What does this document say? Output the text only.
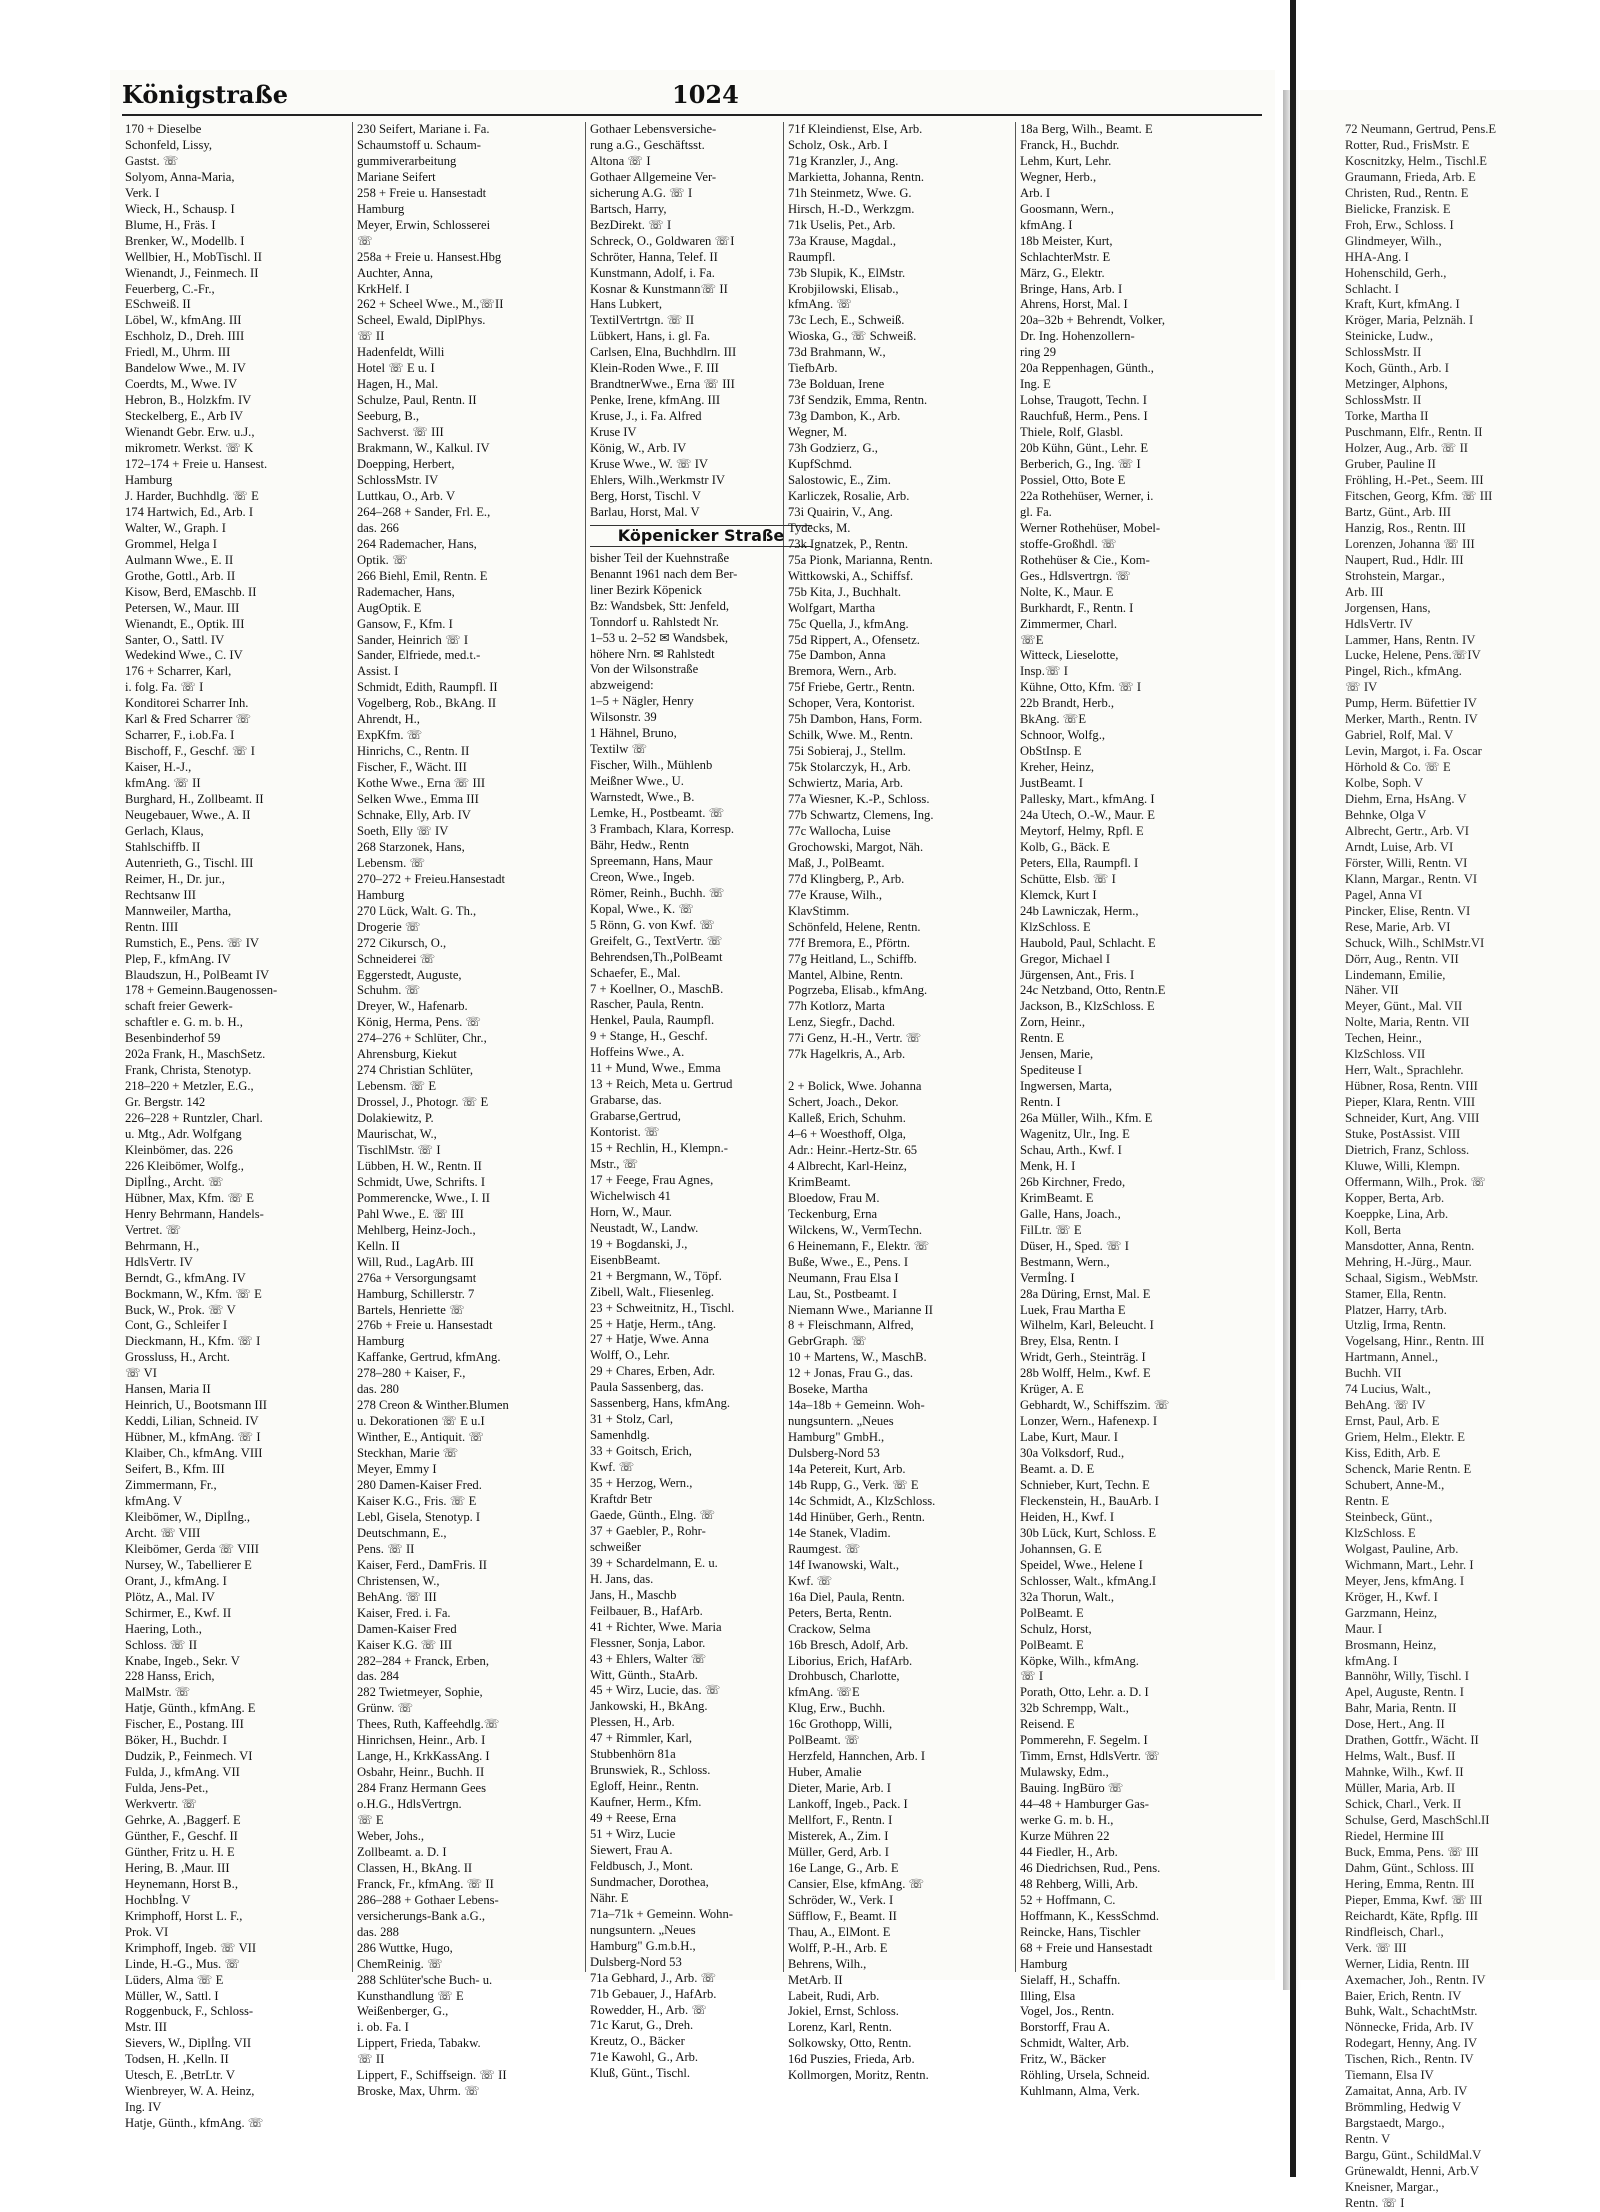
Königstraße	1024
170 + Dieselbe
Schonfeld, Lissy,
Gastst. ☏
Solyom, Anna-Maria,
Verk. I
Wieck, H., Schausp. I
Blume, H., Fräs. I
Brenker, W., Modellb. I
Wellbier, H., MobTischl. II
Wienandt, J., Feinmech. II
Feuerberg, C.-Fr.,
ESchweiß. II
Löbel, W., kfmAng. III
Eschholz, D., Dreh. IIII
Friedl, M., Uhrm. III
Bandelow Wwe., M. IV
Coerdts, M., Wwe. IV
Hebron, B., Holzkfm. IV
Steckelberg, E., Arb IV
Wienandt Gebr. Erw. u.J.,
mikrometr. Werkst. ☏ K
172–174 + Freie u. Hansest.
Hamburg
J. Harder, Buchhdlg. ☏ E
174 Hartwich, Ed., Arb. I
Walter, W., Graph. I
Grommel, Helga I
Aulmann Wwe., E. II
Grothe, Gottl., Arb. II
Kisow, Berd, EMaschb. II
Petersen, W., Maur. III
Wienandt, E., Optik. III
Santer, O., Sattl. IV
Wedekind Wwe., C. IV
176 + Scharrer, Karl,
i. folg. Fa. ☏ I
Konditorei Scharrer Inh.
Karl & Fred Scharrer ☏
Scharrer, F., i.ob.Fa. I
Bischoff, F., Geschf. ☏ I
Kaiser, H.-J.,
kfmAng. ☏ II
Burghard, H., Zollbeamt. II
Neugebauer, Wwe., A. II
Gerlach, Klaus,
Stahlschiffb. II
Autenrieth, G., Tischl. III
Reimer, H., Dr. jur.,
Rechtsanw III
Mannweiler, Martha,
Rentn. IIII
Rumstich, E., Pens. ☏ IV
Plep, F., kfmAng. IV
Blaudszun, H., PolBeamt IV
178 + Gemeinn.Baugenossen-
schaft freier Gewerk-
schaftler e. G. m. b. H.,
Besenbinderhof 59
202a Frank, H., MaschSetz.
Frank, Christa, Stenotyp.
218–220 + Metzler, E.G.,
Gr. Bergstr. 142
226–228 + Runtzler, Charl.
u. Mtg., Adr. Wolfgang
Kleinbömer, das. 226
226 Kleibömer, Wolfg.,
Diplİng., Archt. ☏
Hübner, Max, Kfm. ☏ E
Henry Behrmann, Handels-
Vertret. ☏
Behrmann, H.,
HdlsVertr. IV
Berndt, G., kfmAng. IV
Bockmann, W., Kfm. ☏ E
Buck, W., Prok. ☏ V
Cont, G., Schleifer I
Dieckmann, H., Kfm. ☏ I
Grossluss, H., Archt.
☏ VI
Hansen, Maria II
Heinrich, U., Bootsmann III
Keddi, Lilian, Schneid. IV
Hübner, M., kfmAng. ☏ I
Klaiber, Ch., kfmAng. VIII
Seifert, B., Kfm. III
Zimmermann, Fr.,
kfmAng. V
Kleibömer, W., Diplİng.,
Archt. ☏ VIII
Kleibömer, Gerda ☏ VIII
Nursey, W., Tabellierer E
Orant, J., kfmAng. I
Plötz, A., Mal. IV
Schirmer, E., Kwf. II
Haering, Loth.,
Schloss. ☏ II
Knabe, Ingeb., Sekr. V
228 Hanss, Erich,
MalMstr. ☏
Hatje, Günth., kfmAng. E
Fischer, E., Postang. III
Böker, H., Buchdr. I
Dudzik, P., Feinmech. VI
Fulda, J., kfmAng. VII
Fulda, Jens-Pet.,
Werkvertr. ☏
Gehrke, A. ,Baggerf. E
Günther, F., Geschf. II
Günther, Fritz u. H. E
Hering, B. ,Maur. III
Heynemann, Horst B.,
Hochbİng. V
Krimphoff, Horst L. F.,
Prok. VI
Krimphoff, Ingeb. ☏ VII
Linde, H.-G., Mus. ☏
Lüders, Alma ☏ E
Müller, W., Sattl. I
Roggenbuck, F., Schloss-
Mstr. III
Sievers, W., Diplİng. VII
Todsen, H. ,Kelln. II
Utesch, E. ,BetrLtr. V
Wienbreyer, W. A. Heinz,
Ing. IV
Hatje, Günth., kfmAng. ☏
230 Seifert, Mariane i. Fa.
Schaumstoff u. Schaum-
gummiverarbeitung
Mariane Seifert
258 + Freie u. Hansestadt
Hamburg
Meyer, Erwin, Schlosserei
☏
258a + Freie u. Hansest.Hbg
Auchter, Anna,
KrkHelf. I
262 + Scheel Wwe., M.,☏II
Scheel, Ewald, DiplPhys.
☏ II
Hadenfeldt, Willi
Hotel ☏ E u. I
Hagen, H., Mal.
Schulze, Paul, Rentn. II
Seeburg, B.,
Sachverst. ☏ III
Brakmann, W., Kalkul. IV
Doepping, Herbert,
SchlossMstr. IV
Luttkau, O., Arb. V
264–268 + Sander, Frl. E.,
das. 266
264 Rademacher, Hans,
Optik. ☏
266 Biehl, Emil, Rentn. E
Rademacher, Hans,
AugOptik. E
Gansow, F., Kfm. I
Sander, Heinrich ☏ I
Sander, Elfriede, med.t.-
Assist. I
Schmidt, Edith, Raumpfl. II
Vogelberg, Rob., BkAng. II
Ahrendt, H.,
ExpKfm. ☏
Hinrichs, C., Rentn. II
Fischer, F., Wächt. III
Kothe Wwe., Erna ☏ III
Selken Wwe., Emma III
Schnake, Elly, Arb. IV
Soeth, Elly ☏ IV
268 Starzonek, Hans,
Lebensm. ☏
270–272 + Freieu.Hansestadt
Hamburg
270 Lück, Walt. G. Th.,
Drogerie ☏
272 Cikursch, O.,
Schneiderei ☏
Eggerstedt, Auguste,
Schuhm. ☏
Dreyer, W., Hafenarb.
König, Herma, Pens. ☏
274–276 + Schlüter, Chr.,
Ahrensburg, Kiekut
274 Christian Schlüter,
Lebensm. ☏ E
Drossel, J., Photogr. ☏ E
Dolakiewitz, P.
Maurischat, W.,
TischlMstr. ☏ I
Lübben, H. W., Rentn. II
Schmidt, Uwe, Schrifts. I
Pommerencke, Wwe., I. II
Pahl Wwe., E. ☏ III
Mehlberg, Heinz-Joch.,
Kelln. II
Will, Rud., LagArb. III
276a + Versorgungsamt
Hamburg, Schillerstr. 7
Bartels, Henriette ☏
276b + Freie u. Hansestadt
Hamburg
Kaffanke, Gertrud, kfmAng.
278–280 + Kaiser, F.,
das. 280
278 Creon & Winther.Blumen
u. Dekorationen ☏ E u.I
Winther, E., Antiquit. ☏
Steckhan, Marie ☏
Meyer, Emmy I
280 Damen-Kaiser Fred.
Kaiser K.G., Fris. ☏ E
Lebl, Gisela, Stenotyp. I
Deutschmann, E.,
Pens. ☏ II
Kaiser, Ferd., DamFris. II
Christensen, W.,
BehAng. ☏ III
Kaiser, Fred. i. Fa.
Damen-Kaiser Fred
Kaiser K.G. ☏ III
282–284 + Franck, Erben,
das. 284
282 Twietmeyer, Sophie,
Grünw. ☏
Thees, Ruth, Kaffeehdlg.☏
Hinrichsen, Heinr., Arb. I
Lange, H., KrkKassAng. I
Osbahr, Heinr., Buchh. II
284 Franz Hermann Gees
o.H.G., HdlsVertrgn.
☏ E
Weber, Johs.,
Zollbeamt. a. D. I
Classen, H., BkAng. II
Franck, Fr., kfmAng. ☏ II
286–288 + Gothaer Lebens-
versicherungs-Bank a.G.,
das. 288
286 Wuttke, Hugo,
ChemReinig. ☏
288 Schlüter'sche Buch- u.
Kunsthandlung ☏ E
Weißenberger, G.,
i. ob. Fa. I
Lippert, Frieda, Tabakw.
☏ II
Lippert, F., Schiffseign. ☏ II
Broske, Max, Uhrm. ☏
Gothaer Lebensversiche-
rung a.G., Geschäftsst.
Altona ☏ I
Gothaer Allgemeine Ver-
sicherung A.G. ☏ I
Bartsch, Harry,
BezDirekt. ☏ I
Schreck, O., Goldwaren ☏I
Schröter, Hanna, Telef. II
Kunstmann, Adolf, i. Fa.
Kosnar & Kunstmann☏ II
Hans Lubkert,
TextilVertrtgn. ☏ II
Lübkert, Hans, i. gl. Fa.
Carlsen, Elna, Buchhdlrn. III
Klein-Roden Wwe., F. III
BrandtnerWwe., Erna ☏ III
Penke, Irene, kfmAng. III
Kruse, J., i. Fa. Alfred
Kruse IV
König, W., Arb. IV
Kruse Wwe., W. ☏ IV
Ehlers, Wilh.,Werkmstr IV
Berg, Horst, Tischl. V
Barlau, Horst, Mal. V
Köpenicker Straße
bisher Teil der Kuehnstraße
Benannt 1961 nach dem Ber-
liner Bezirk Köpenick
Bz: Wandsbek, Stt: Jenfeld,
Tonndorf u. Rahlstedt Nr.
1–53 u. 2–52 ✉ Wandsbek,
höhere Nrn. ✉ Rahlstedt
Von der Wilsonstraße
abzweigend:
1–5 + Nägler, Henry
Wilsonstr. 39
1 Hähnel, Bruno,
Textilw ☏
Fischer, Wilh., Mühlenb
Meißner Wwe., U.
Warnstedt, Wwe., B.
Lemke, H., Postbeamt. ☏
3 Frambach, Klara, Korresp.
Bähr, Hedw., Rentn
Spreemann, Hans, Maur
Creon, Wwe., Ingeb.
Römer, Reinh., Buchh. ☏
Kopal, Wwe., K. ☏
5 Rönn, G. von Kwf. ☏
Greifelt, G., TextVertr. ☏
Behrendsen,Th.,PolBeamt
Schaefer, E., Mal.
7 + Koellner, O., MaschB.
Rascher, Paula, Rentn.
Henkel, Paula, Raumpfl.
9 + Stange, H., Geschf.
Hoffeins Wwe., A.
11 + Mund, Wwe., Emma
13 + Reich, Meta u. Gertrud
Grabarse, das.
Grabarse,Gertrud,
Kontorist. ☏
15 + Rechlin, H., Klempn.-
Mstr., ☏
17 + Feege, Frau Agnes,
Wichelwisch 41
Horn, W., Maur.
Neustadt, W., Landw.
19 + Bogdanski, J.,
EisenbBeamt.
21 + Bergmann, W., Töpf.
Zibell, Walt., Fliesenleg.
23 + Schweitnitz, H., Tischl.
25 + Hatje, Herm., tAng.
27 + Hatje, Wwe. Anna
Wolff, O., Lehr.
29 + Chares, Erben, Adr.
Paula Sassenberg, das.
Sassenberg, Hans, kfmAng.
31 + Stolz, Carl,
Samenhdlg.
33 + Goitsch, Erich,
Kwf. ☏
35 + Herzog, Wern.,
Kraftdr Betr
Gaede, Günth., Elng. ☏
37 + Gaebler, P., Rohr-
schweißer
39 + Schardelmann, E. u.
H. Jans, das.
Jans, H., Maschb
Feilbauer, B., HafArb.
41 + Richter, Wwe. Maria
Flessner, Sonja, Labor.
43 + Ehlers, Walter ☏
Witt, Günth., StaArb.
45 + Wirz, Lucie, das. ☏
Jankowski, H., BkAng.
Plessen, H., Arb.
47 + Rimmler, Karl,
Stubbenhörn 81a
Brunswiek, R., Schloss.
Egloff, Heinr., Rentn.
Kaufner, Herm., Kfm.
49 + Reese, Erna
51 + Wirz, Lucie
Siewert, Frau A.
Feldbusch, J., Mont.
Sundmacher, Dorothea,
Nähr. E
71a–71k + Gemeinn. Wohn-
nungsuntern. „Neues
Hamburg" G.m.b.H.,
Dulsberg-Nord 53
71a Gebhard, J., Arb. ☏
71b Gebauer, J., HafArb.
Rowedder, H., Arb. ☏
71c Karut, G., Dreh.
Kreutz, O., Bäcker
71e Kawohl, G., Arb.
Kluß, Günt., Tischl.
71f Kleindienst, Else, Arb.
Scholz, Osk., Arb. I
71g Kranzler, J., Ang.
Markietta, Johanna, Rentn.
71h Steinmetz, Wwe. G.
Hirsch, H.-D., Werkzgm.
71k Uselis, Pet., Arb.
73a Krause, Magdal.,
Raumpfl.
73b Slupik, K., ElMstr.
Krobjilowski, Elisab.,
kfmAng. ☏
73c Lech, E., Schweiß.
Wioska, G., ☏ Schweiß.
73d Brahmann, W.,
TiefbArb.
73e Bolduan, Irene
73f Sendzik, Emma, Rentn.
73g Dambon, K., Arb.
Wegner, M.
73h Godzierz, G.,
KupfSchmd.
Salostowic, E., Zim.
Karliczek, Rosalie, Arb.
73i Quairin, V., Ang.
Tydecks, M.
73k Ignatzek, P., Rentn.
75a Pionk, Marianna, Rentn.
Wittkowski, A., Schiffsf.
75b Kita, J., Buchhalt.
Wolfgart, Martha
75c Quella, J., kfmAng.
75d Rippert, A., Ofensetz.
75e Dambon, Anna
Bremora, Wern., Arb.
75f Friebe, Gertr., Rentn.
Schoper, Vera, Kontorist.
75h Dambon, Hans, Form.
Schilk, Wwe. M., Rentn.
75i Sobieraj, J., Stellm.
75k Stolarczyk, H., Arb.
Schwiertz, Maria, Arb.
77a Wiesner, K.-P., Schloss.
77b Schwartz, Clemens, Ing.
77c Wallocha, Luise
Grochowski, Margot, Näh.
Maß, J., PolBeamt.
77d Klingberg, P., Arb.
77e Krause, Wilh.,
KlavStimm.
Schönfeld, Helene, Rentn.
77f Bremora, E., Pförtn.
77g Heitland, L., Schiffb.
Mantel, Albine, Rentn.
Pogrzeba, Elisab., kfmAng.
77h Kotlorz, Marta
Lenz, Siegfr., Dachd.
77i Genz, H.-H., Vertr. ☏
77k Hagelkris, A., Arb.

2 + Bolick, Wwe. Johanna
Schert, Joach., Dekor.
Kalleß, Erich, Schuhm.
4–6 + Woesthoff, Olga,
Adr.: Heinr.-Hertz-Str. 65
4 Albrecht, Karl-Heinz,
KrimBeamt.
Bloedow, Frau M.
Teckenburg, Erna
Wilckens, W., VermTechn.
6 Heinemann, F., Elektr. ☏
Buße, Wwe., E., Pens. I
Neumann, Frau Elsa I
Lau, St., Postbeamt. I
Niemann Wwe., Marianne II
8 + Fleischmann, Alfred,
GebrGraph. ☏
10 + Martens, W., MaschB.
12 + Jonas, Frau G., das.
Boseke, Martha
14a–18b + Gemeinn. Woh-
nungsuntern. „Neues
Hamburg" GmbH.,
Dulsberg-Nord 53
14a Petereit, Kurt, Arb.
14b Rupp, G., Verk. ☏ E
14c Schmidt, A., KlzSchloss.
14d Hinüber, Gerh., Rentn.
14e Stanek, Vladim.
Raumgest. ☏
14f Iwanowski, Walt.,
Kwf. ☏
16a Diel, Paula, Rentn.
Peters, Berta, Rentn.
Crackow, Selma
16b Bresch, Adolf, Arb.
Liborius, Erich, HafArb.
Drohbusch, Charlotte,
kfmAng. ☏E
Klug, Erw., Buchh.
16c Grothopp, Willi,
PolBeamt. ☏
Herzfeld, Hannchen, Arb. I
Huber, Amalie
Dieter, Marie, Arb. I
Lankoff, Ingeb., Pack. I
Mellfort, F., Rentn. I
Misterek, A., Zim. I
Müller, Gerd, Arb. I
16e Lange, G., Arb. E
Cansier, Else, kfmAng. ☏
Schröder, W., Verk. I
Süfflow, F., Beamt. II
Thau, A., ElMont. E
Wolff, P.-H., Arb. E
Behrens, Wilh.,
MetArb. II
Labeit, Rudi, Arb.
Jokiel, Ernst, Schloss.
Lorenz, Karl, Rentn.
Solkowsky, Otto, Rentn.
16d Puszies, Frieda, Arb.
Kollmorgen, Moritz, Rentn.
18a Berg, Wilh., Beamt. E
Franck, H., Buchdr.
Lehm, Kurt, Lehr.
Wegner, Herb.,
Arb. I
Goosmann, Wern.,
kfmAng. I
18b Meister, Kurt,
SchlachterMstr. E
März, G., Elektr.
Bringe, Hans, Arb. I
Ahrens, Horst, Mal. I
20a–32b + Behrendt, Volker,
Dr. Ing. Hohenzollern-
ring 29
20a Reppenhagen, Günth.,
Ing. E
Lohse, Traugott, Techn. I
Rauchfuß, Herm., Pens. I
Thiele, Rolf, Glasbl.
20b Kühn, Günt., Lehr. E
Berberich, G., Ing. ☏ I
Possiel, Otto, Bote E
22a Rothehüser, Werner, i.
gl. Fa.
Werner Rothehüser, Mobel-
stoffe-Großhdl. ☏
Rothehüser & Cie., Kom-
Ges., Hdlsvertrgn. ☏
Nolte, K., Maur. E
Burkhardt, F., Rentn. I
Zimmermer, Charl.
☏E
Witteck, Lieselotte,
Insp.☏ I
Kühne, Otto, Kfm. ☏ I
22b Brandt, Herb.,
BkAng. ☏E
Schnoor, Wolfg.,
ObStInsp. E
Kreher, Heinz,
JustBeamt. I
Pallesky, Mart., kfmAng. I
24a Utech, O.-W., Maur. E
Meytorf, Helmy, Rpfl. E
Kolb, G., Bäck. E
Peters, Ella, Raumpfl. I
Schütte, Elsb. ☏ I
Klemck, Kurt I
24b Lawniczak, Herm.,
KlzSchloss. E
Haubold, Paul, Schlacht. E
Gregor, Michael I
Jürgensen, Ant., Fris. I
24c Netzband, Otto, Rentn.E
Jackson, B., KlzSchloss. E
Zorn, Heinr.,
Rentn. E
Jensen, Marie,
Spediteuse I
Ingwersen, Marta,
Rentn. I
26a Müller, Wilh., Kfm. E
Wagenitz, Ulr., Ing. E
Schau, Arth., Kwf. I
Menk, H. I
26b Kirchner, Fredo,
KrimBeamt. E
Galle, Hans, Joach.,
FilLtr. ☏ E
Düser, H., Sped. ☏ I
Bestmann, Wern.,
Vermİng. I
28a Düring, Ernst, Mal. E
Luek, Frau Martha E
Wilhelm, Karl, Beleucht. I
Brey, Elsa, Rentn. I
Wridt, Gerh., Steinträg. I
28b Wolff, Helm., Kwf. E
Krüger, A. E
Gebhardt, W., Schiffszim. ☏
Lonzer, Wern., Hafenexp. I
Labe, Kurt, Maur. I
30a Volksdorf, Rud.,
Beamt. a. D. E
Schnieber, Kurt, Techn. E
Fleckenstein, H., BauArb. I
Heiden, H., Kwf. I
30b Lück, Kurt, Schloss. E
Johannsen, G. E
Speidel, Wwe., Helene I
Schlosser, Walt., kfmAng.I
32a Thorun, Walt.,
PolBeamt. E
Schulz, Horst,
PolBeamt. E
Köpke, Wilh., kfmAng.
☏ I
Porath, Otto, Lehr. a. D. I
32b Schrempp, Walt.,
Reisend. E
Pommerehn, F. Segelm. I
Timm, Ernst, HdlsVertr. ☏
Mulawsky, Edm.,
Bauing. IngBüro ☏
44–48 + Hamburger Gas-
werke G. m. b. H.,
Kurze Mühren 22
44 Fiedler, H., Arb.
46 Diedrichsen, Rud., Pens.
48 Rehberg, Willi, Arb.
52 + Hoffmann, C.
Hoffmann, K., KessSchmd.
Reincke, Hans, Tischler
68 + Freie und Hansestadt
Hamburg
Sielaff, H., Schaffn.
Illing, Elsa
Vogel, Jos., Rentn.
Borstorff, Frau A.
Schmidt, Walter, Arb.
Fritz, W., Bäcker
Röhling, Ursela, Schneid.
Kuhlmann, Alma, Verk.
72 Neumann, Gertrud, Pens.E
Rotter, Rud., FrisMstr. E
Koscnitzky, Helm., Tischl.E
Graumann, Frieda, Arb. E
Christen, Rud., Rentn. E
Bielicke, Franzisk. E
Froh, Erw., Schloss. I
Glindmeyer, Wilh.,
HHA-Ang. I
Hohenschild, Gerh.,
Schlacht. I
Kraft, Kurt, kfmAng. I
Kröger, Maria, Pelznäh. I
Steinicke, Ludw.,
SchlossMstr. II
Koch, Günth., Arb. I
Metzinger, Alphons,
SchlossMstr. II
Torke, Martha II
Puschmann, Elfr., Rentn. II
Holzer, Aug., Arb. ☏ II
Gruber, Pauline II
Fröhling, H.-Pet., Seem. III
Fitschen, Georg, Kfm. ☏ III
Bartz, Günt., Arb. III
Hanzig, Ros., Rentn. III
Lorenzen, Johanna ☏ III
Naupert, Rud., Hdlr. III
Strohstein, Margar.,
Arb. III
Jorgensen, Hans,
HdlsVertr. IV
Lammer, Hans, Rentn. IV
Lucke, Helene, Pens.☏IV
Pingel, Rich., kfmAng.
☏ IV
Pump, Herm. Büfettier IV
Merker, Marth., Rentn. IV
Gabriel, Rolf, Mal. V
Levin, Margot, i. Fa. Oscar
Hörhold & Co. ☏ E
Kolbe, Soph. V
Diehm, Erna, HsAng. V
Behnke, Olga V
Albrecht, Gertr., Arb. VI
Arndt, Luise, Arb. VI
Förster, Willi, Rentn. VI
Klann, Margar., Rentn. VI
Pagel, Anna VI
Pincker, Elise, Rentn. VI
Rese, Marie, Arb. VI
Schuck, Wilh., SchlMstr.VI
Dörr, Aug., Rentn. VII
Lindemann, Emilie,
Näher. VII
Meyer, Günt., Mal. VII
Nolte, Maria, Rentn. VII
Techen, Heinr.,
KlzSchloss. VII
Herr, Walt., Sprachlehr.
Hübner, Rosa, Rentn. VIII
Pieper, Klara, Rentn. VIII
Schneider, Kurt, Ang. VIII
Stuke, PostAssist. VIII
Dietrich, Franz, Schloss.
Kluwe, Willi, Klempn.
Offermann, Wilh., Prok. ☏
Kopper, Berta, Arb.
Koeppke, Lina, Arb.
Koll, Berta
Mansdotter, Anna, Rentn.
Mehring, H.-Jürg., Maur.
Schaal, Sigism., WebMstr.
Stamer, Ella, Rentn.
Platzer, Harry, tArb.
Utzlig, Irma, Rentn.
Vogelsang, Hinr., Rentn. III
Hartmann, Annel.,
Buchh. VII
74 Lucius, Walt.,
BehAng. ☏ IV
Ernst, Paul, Arb. E
Griem, Helm., Elektr. E
Kiss, Edith, Arb. E
Schenck, Marie Rentn. E
Schubert, Anne-M.,
Rentn. E
Steinbeck, Günt.,
KlzSchloss. E
Wolgast, Pauline, Arb.
Wichmann, Mart., Lehr. I
Meyer, Jens, kfmAng. I
Kröger, H., Kwf. I
Garzmann, Heinz,
Maur. I
Brosmann, Heinz,
kfmAng. I
Bannöhr, Willy, Tischl. I
Apel, Auguste, Rentn. I
Bahr, Maria, Rentn. II
Dose, Hert., Ang. II
Drathen, Gottfr., Wächt. II
Helms, Walt., Busf. II
Mahnke, Wilh., Kwf. II
Müller, Maria, Arb. II
Schick, Charl., Verk. II
Schulse, Gerd, MaschSchl.II
Riedel, Hermine III
Buck, Emma, Pens. ☏ III
Dahm, Günt., Schloss. III
Hering, Emma, Rentn. III
Pieper, Emma, Kwf. ☏ III
Reichardt, Käte, Rpflg. III
Rindfleisch, Charl.,
Verk. ☏ III
Werner, Lidia, Rentn. III
Axemacher, Joh., Rentn. IV
Baier, Erich, Rentn. IV
Buhk, Walt., SchachtMstr.
Nönnecke, Frida, Arb. IV
Rodegart, Henny, Ang. IV
Tischen, Rich., Rentn. IV
Tiemann, Elsa IV
Zamaitat, Anna, Arb. IV
Brömmling, Hedwig V
Bargstaedt, Margo.,
Rentn. V
Bargu, Günt., SchildMal.V
Grünewaldt, Henni, Arb.V
Kneisner, Margar.,
Rentn. ☏ I
